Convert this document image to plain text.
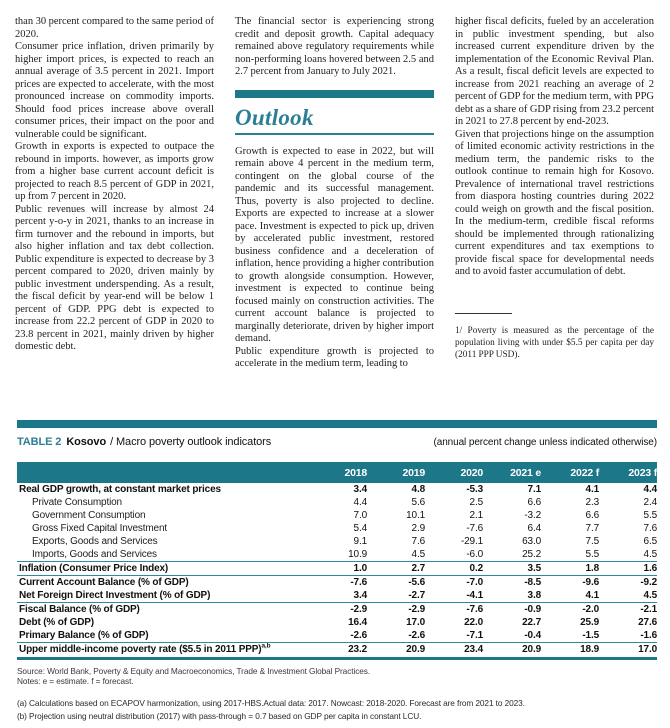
than 30 percent compared to the same period of 2020.

Consumer price inflation, driven primarily by higher import prices, is expected to reach an annual average of 3.5 percent in 2021. Import prices are expected to accelerate, with the most pronounced increase on commodity imports. Should food prices increase above overall consumer prices, their impact on the poor and vulnerable could be significant.

Growth in exports is expected to outpace the rebound in imports. however, as imports grow from a higher base current account deficit is projected to reach 8.5 percent of GDP in 2021, up from 7 percent in 2020.

Public revenues will increase by almost 24 percent y-o-y in 2021, thanks to an increase in firm turnover and the rebound in imports, but also higher inflation and tax debt collection. Public expenditure is expected to decrease by 3 percent compared to 2020, driven mainly by public investment underspending. As a result, the fiscal deficit by year-end will be below 1 percent of GDP. PPG debt is expected to increase from 22.2 percent of GDP in 2020 to 23.8 percent in 2021, mainly driven by higher domestic debt.

The financial sector is experiencing strong credit and deposit growth. Capital adequacy remained above regulatory requirements while non-performing loans hovered between 2.5 and 2.7 percent from January to July 2021.

Outlook

Growth is expected to ease in 2022, but will remain above 4 percent in the medium term, contingent on the global course of the pandemic and its successful management. Thus, poverty is also projected to decline. Exports are expected to increase at a slower pace. Investment is expected to pick up, driven by accelerated public investment, restored business confidence and a deceleration of inflation, hence providing a higher contribution to growth alongside consumption. However, investment is expected to continue being focused mainly on construction activities. The current account balance is projected to marginally deteriorate, driven by higher import demand.

Public expenditure growth is projected to accelerate in the medium term, leading to

higher fiscal deficits, fueled by an acceleration in public investment spending, but also increased current expenditure driven by the implementation of the Economic Revival Plan. As a result, fiscal deficit levels are expected to increase from 2021 reaching an average of 2 percent of GDP for the medium term, with PPG debt as a share of GDP rising from 23.2 percent in 2021 to 27.8 percent by end-2023.

Given that projections hinge on the assumption of limited economic activity restrictions in the medium term, the pandemic risks to the outlook continue to remain high for Kosovo. Prevalence of international travel restrictions from diaspora hosting countries during 2022 could weigh on growth and the fiscal position. In the medium-term, credible fiscal reforms should be implemented through rationalizing current expenditures and tax exemptions to provide fiscal space for developmental needs and to avoid faster accumulation of debt.

1/ Poverty is measured as the percentage of the population living with under $5.5 per capita per day (2011 PPP USD).

TABLE 2 Kosovo / Macro poverty outlook indicators	(annual percent change unless indicated otherwise)
2018	2019	2020	2021 e	2022 f	2023 f
Real GDP growth, at constant market prices	3.4	4.8	-5.3	7.1	4.1	4.4
Private Consumption	4.4	5.6	2.5	6.6	2.3	2.4
Government Consumption	7.0	10.1	2.1	-3.2	6.6	5.5
Gross Fixed Capital Investment	5.4	2.9	-7.6	6.4	7.7	7.6
Exports, Goods and Services	9.1	7.6	-29.1	63.0	7.5	6.5
Imports, Goods and Services	10.9	4.5	-6.0	25.2	5.5	4.5
Inflation (Consumer Price Index)	1.0	2.7	0.2	3.5	1.8	1.6
Current Account Balance (% of GDP)	-7.6	-5.6	-7.0	-8.5	-9.6	-9.2
Net Foreign Direct Investment (% of GDP)	3.4	-2.7	-4.1	3.8	4.1	4.5
Fiscal Balance (% of GDP)	-2.9	-2.9	-7.6	-0.9	-2.0	-2.1
Debt (% of GDP)	16.4	17.0	22.0	22.7	25.9	27.6
Primary Balance (% of GDP)	-2.6	-2.6	-7.1	-0.4	-1.5	-1.6
Upper middle-income poverty rate ($5.5 in 2011 PPP)$^{a,b}$	23.2	20.9	23.4	20.9	18.9	17.0
Source: World Bank, Poverty & Equity and Macroeconomics, Trade & Investment Global Practices.
Notes: e = estimate. f = forecast.
(a) Calculations based on ECAPOV harmonization, using 2017-HBS.Actual data: 2017. Nowcast: 2018-2020. Forecast are from 2021 to 2023.
(b) Projection using neutral distribution (2017) with pass-through = 0.7 based on GDP per capita in constant LCU.
